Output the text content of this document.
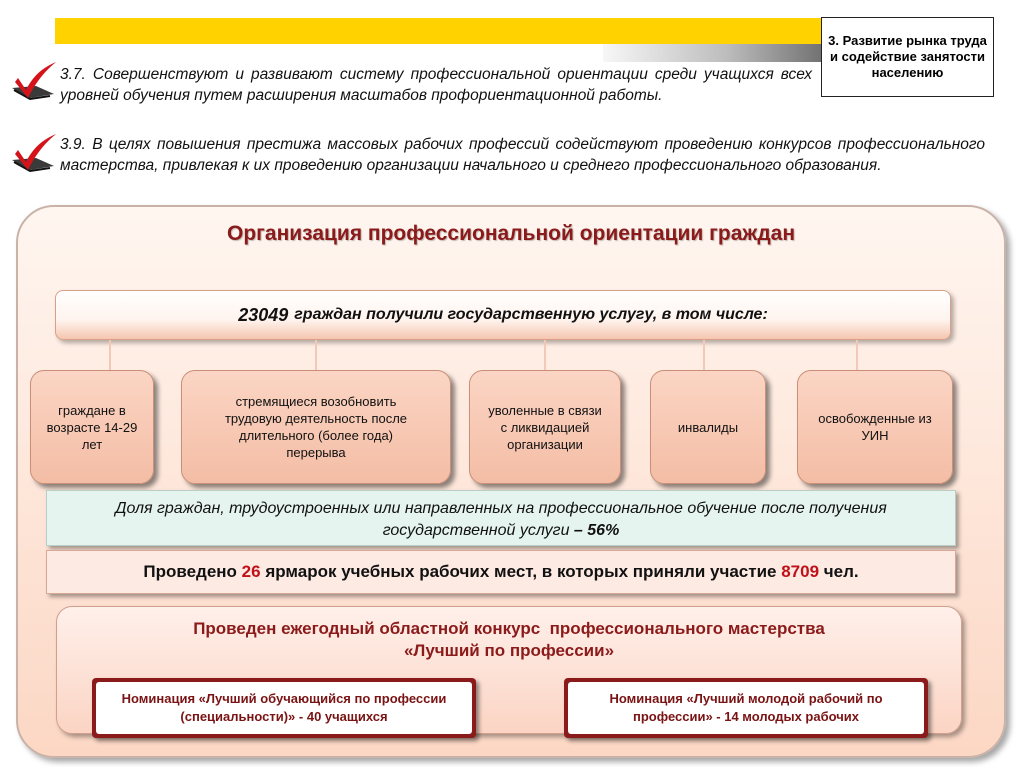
3. Развитие рынка труда и содействие занятости населению
3.7. Совершенствуют и развивают систему профессиональной ориентации среди учащихся всех уровней обучения путем расширения масштабов профориентационной работы.
3.9. В целях повышения престижа массовых рабочих профессий содействуют проведению конкурсов профессионального мастерства, привлекая к их проведению организации начального и среднего профессионального образования.
Организация профессиональной ориентации граждан
23049 граждан получили государственную услугу, в том числе:
граждане в возрасте 14-29 лет
стремящиеся возобновить трудовую деятельность после длительного (более года) перерыва
уволенные в связи с ликвидацией организации
инвалиды
освобожденные из УИН
Доля граждан, трудоустроенных или направленных на профессиональное обучение после получения государственной услуги – 56%
Проведено 26 ярмарок учебных рабочих мест, в которых приняли участие 8709 чел.
Проведен ежегодный областной конкурс  профессионального мастерства
«Лучший по профессии»
Номинация «Лучший обучающийся по профессии (специальности)» - 40 учащихся
Номинация «Лучший молодой рабочий по профессии» - 14 молодых рабочих
